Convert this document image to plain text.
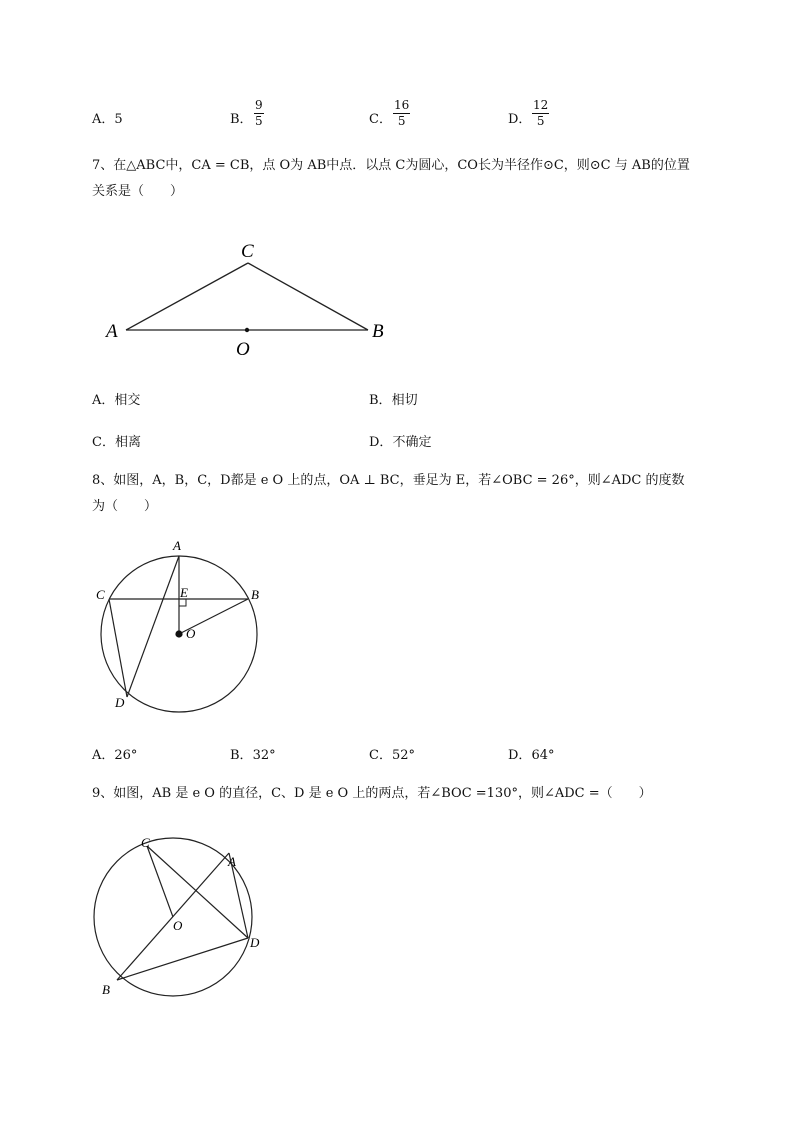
A．5	B．
9
5	C．
16
5	D．
12
5
7、在△ABC中，CA = CB，点 O为 AB中点．以点 C为圆心，CO长为半径作⊙C，则⊙C 与 AB的位置
关系是（　　）
C
A	B
O
A．相交	B．相切
C．相离	D．不确定
8、如图，A，B，C，D都是 e O 上的点，OA ⊥ BC，垂足为 E，若∠OBC = 26°，则∠ADC 的度数
为（　　）
A
C	B
E
O
D
A．26°	B．32°	C．52°	D．64°
9、如图，AB 是 e O 的直径，C、D 是 e O 上的两点，若∠BOC =130°，则∠ADC =（　　）
C
A
O
D
B
